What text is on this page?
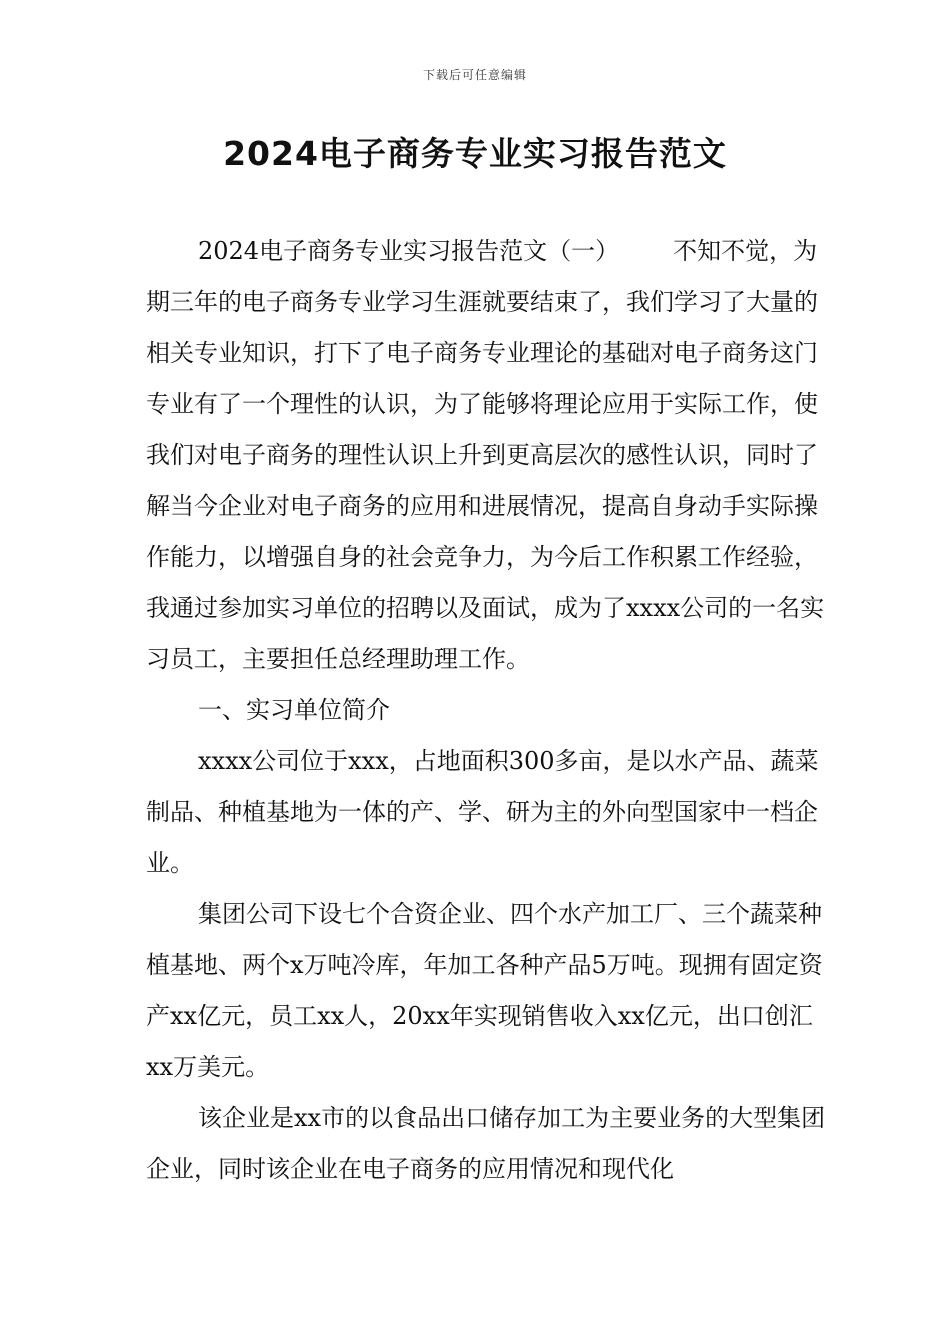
下载后可任意编辑
2024电子商务专业实习报告范文

2024电子商务专业实习报告范文（一） 不知不觉，为期三年的电子商务专业学习生涯就要结束了，我们学习了大量的相关专业知识，打下了电子商务专业理论的基础对电子商务这门专业有了一个理性的认识，为了能够将理论应用于实际工作，使我们对电子商务的理性认识上升到更高层次的感性认识，同时了解当今企业对电子商务的应用和进展情况，提高自身动手实际操作能力，以增强自身的社会竞争力，为今后工作积累工作经验，我通过参加实习单位的招聘以及面试，成为了xxxx公司的一名实习员工，主要担任总经理助理工作。

一、实习单位简介

xxxx公司位于xxx，占地面积300多亩，是以水产品、蔬菜制品、种植基地为一体的产、学、研为主的外向型国家中一档企业。

集团公司下设七个合资企业、四个水产加工厂、三个蔬菜种植基地、两个x万吨冷库，年加工各种产品5万吨。现拥有固定资产xx亿元，员工xx人，20xx年实现销售收入xx亿元，出口创汇xx万美元。

该企业是xx市的以食品出口储存加工为主要业务的大型集团企业，同时该企业在电子商务的应用情况和现代化
